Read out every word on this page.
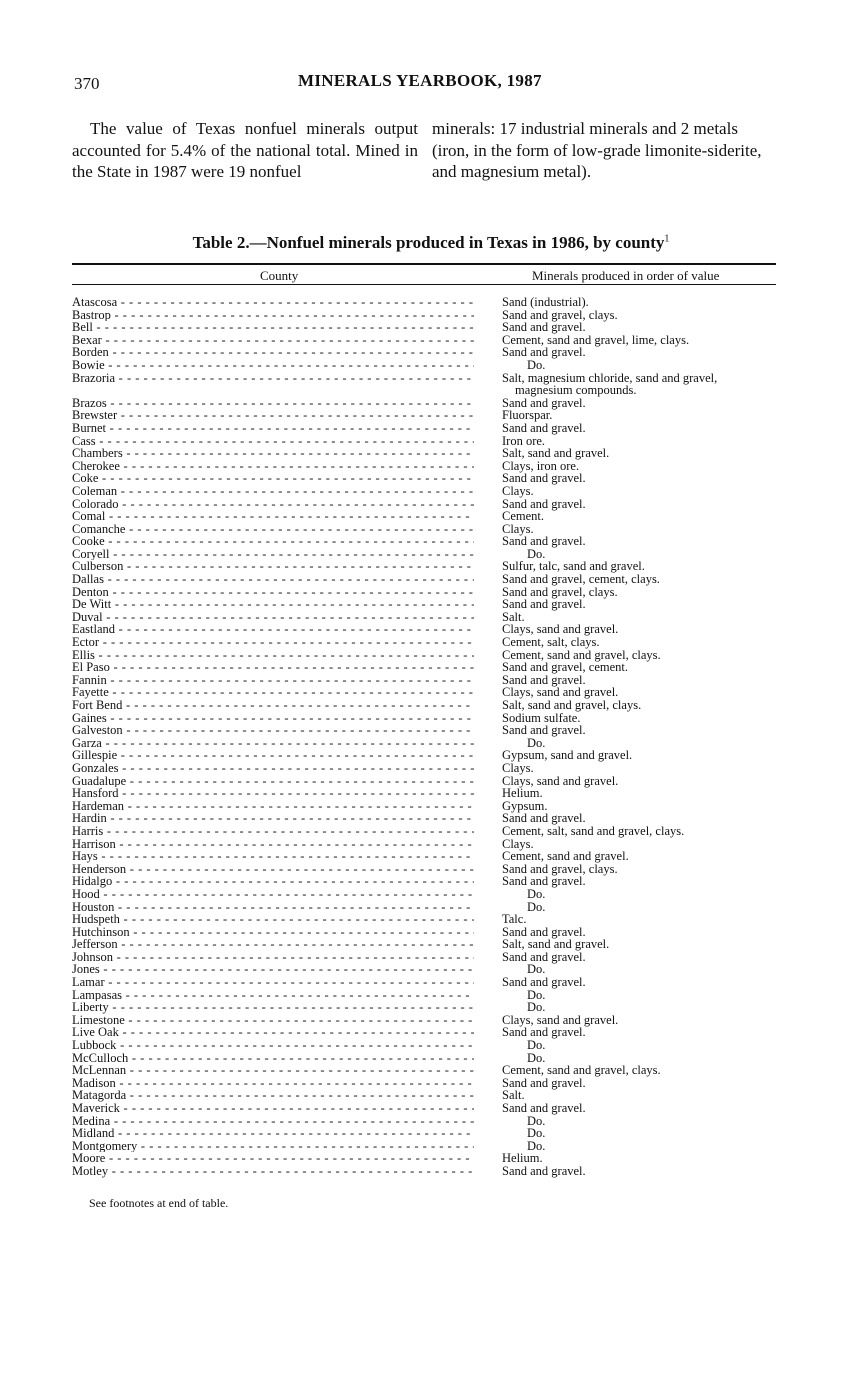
370	MINERALS YEARBOOK, 1987
The value of Texas nonfuel minerals output accounted for 5.4% of the national total. Mined in the State in 1987 were 19 nonfuel
minerals: 17 industrial minerals and 2 metals (iron, in the form of low-grade limonite-siderite, and magnesium metal).
Table 2.—Nonfuel minerals produced in Texas in 1986, by county$^1$
County	Minerals produced in order of value
Atascosa - - -	Sand (industrial).
Bastrop - - -	Sand and gravel, clays.
Bell - - -	Sand and gravel.
Bexar - - -	Cement, sand and gravel, lime, clays.
Borden - - -	Sand and gravel.
Bowie - - -	Do.
Brazoria - - -	Salt, magnesium chloride, sand and gravel,
magnesium compounds.
Brazos - - -	Sand and gravel.
Brewster - - -	Fluorspar.
Burnet - - -	Sand and gravel.
Cass - - -	Iron ore.
Chambers - - -	Salt, sand and gravel.
Cherokee - - -	Clays, iron ore.
Coke - - -	Sand and gravel.
Coleman - - -	Clays.
Colorado - - -	Sand and gravel.
Comal - - -	Cement.
Comanche - - -	Clays.
Cooke - - -	Sand and gravel.
Coryell - - -	Do.
Culberson - - -	Sulfur, talc, sand and gravel.
Dallas - - -	Sand and gravel, cement, clays.
Denton - - -	Sand and gravel, clays.
De Witt - - -	Sand and gravel.
Duval - - -	Salt.
Eastland - - -	Clays, sand and gravel.
Ector - - -	Cement, salt, clays.
Ellis - - -	Cement, sand and gravel, clays.
El Paso - - -	Sand and gravel, cement.
Fannin - - -	Sand and gravel.
Fayette - - -	Clays, sand and gravel.
Fort Bend - - -	Salt, sand and gravel, clays.
Gaines - - -	Sodium sulfate.
Galveston - - -	Sand and gravel.
Garza - - -	Do.
Gillespie - - -	Gypsum, sand and gravel.
Gonzales - - -	Clays.
Guadalupe - - -	Clays, sand and gravel.
Hansford - - -	Helium.
Hardeman - - -	Gypsum.
Hardin - - -	Sand and gravel.
Harris - - -	Cement, salt, sand and gravel, clays.
Harrison - - -	Clays.
Hays - - -	Cement, sand and gravel.
Henderson - - -	Sand and gravel, clays.
Hidalgo - - -	Sand and gravel.
Hood - - -	Do.
Houston - - -	Do.
Hudspeth - - -	Talc.
Hutchinson - - -	Sand and gravel.
Jefferson - - -	Salt, sand and gravel.
Johnson - - -	Sand and gravel.
Jones - - -	Do.
Lamar - - -	Sand and gravel.
Lampasas - - -	Do.
Liberty - - -	Do.
Limestone - - -	Clays, sand and gravel.
Live Oak - - -	Sand and gravel.
Lubbock - - -	Do.
McCulloch - - -	Do.
McLennan - - -	Cement, sand and gravel, clays.
Madison - - -	Sand and gravel.
Matagorda - - -	Salt.
Maverick - - -	Sand and gravel.
Medina - - -	Do.
Midland - - -	Do.
Montgomery - - -	Do.
Moore - - -	Helium.
Motley - - -	Sand and gravel.
See footnotes at end of table.
